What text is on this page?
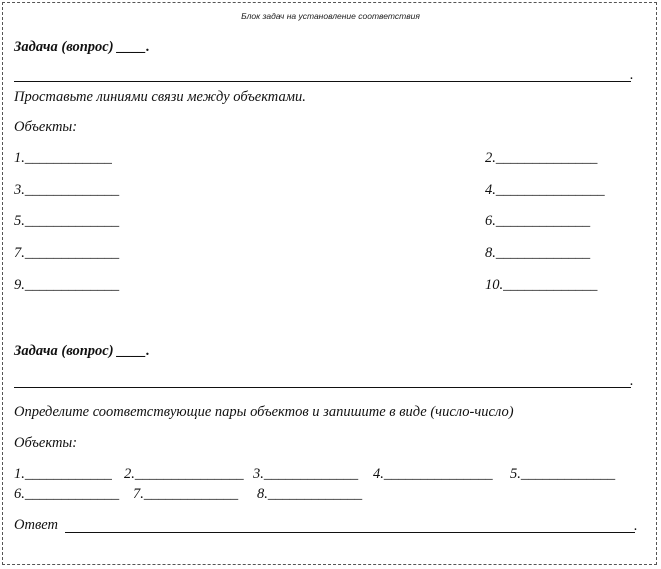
Блок задач на установление соответствия
Задача (вопрос) ____.
.
Проставьте линиями связи между объектами.
Объекты:
1.____________
3._____________
5._____________
7._____________
9._____________
2.______________
4._______________
6._____________
8._____________
10._____________
Задача (вопрос) ____.
.
Определите соответствующие пары объектов и запишите в виде (число-число)
Объекты:
1.____________ 2._______________ 3._____________ 4._______________ 5._____________
6._____________ 7._____________ 8._____________
Ответ	.
